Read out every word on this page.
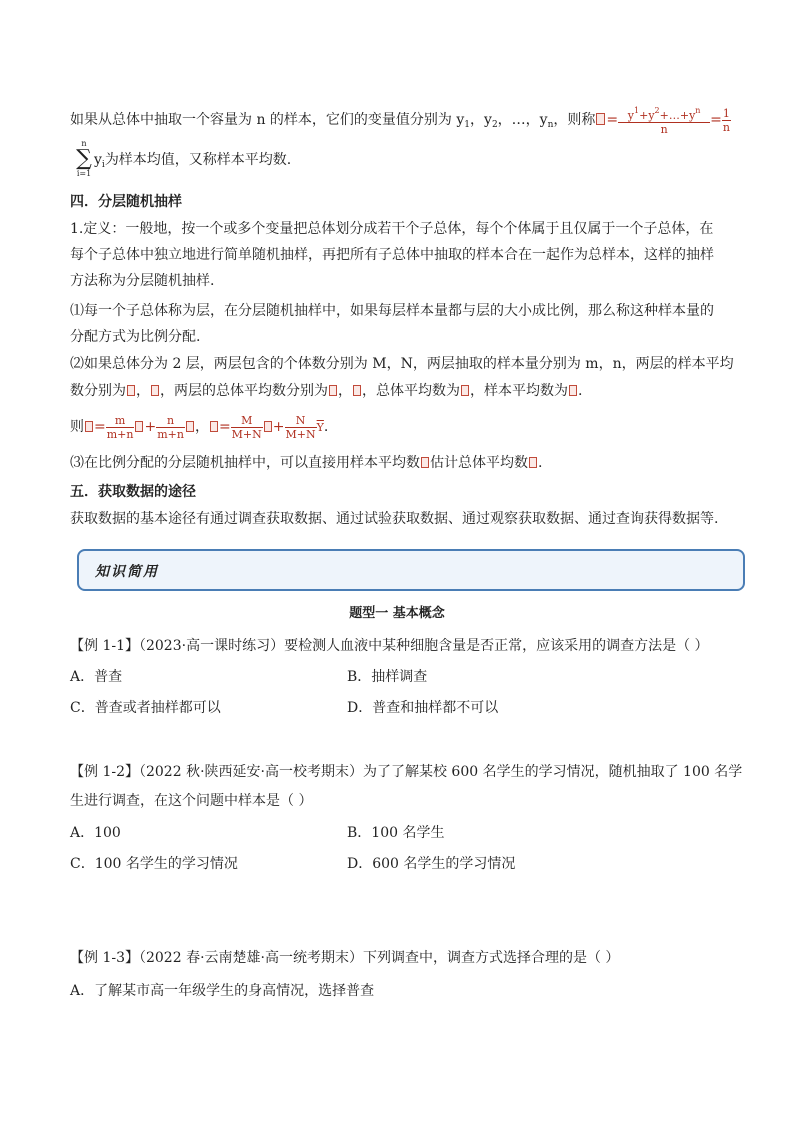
如果从总体中抽取一个容量为 n 的样本，它们的变量值分别为 $y_1$，$y_2$，…，$y_n$，则称 = $\frac{y^1+y^2+\dots+y^n}{n} = \frac{1}{n}$
n
∑
i=1
$y_i$为样本均值，又称样本平均数.
四．分层随机抽样
1.定义：一般地，按一个或多个变量把总体划分成若干个子总体，每个个体属于且仅属于一个子总体，在
每个子总体中独立地进行简单随机抽样，再把所有子总体中抽取的样本合在一起作为总样本，这样的抽样
方法称为分层随机抽样.
⑴每一个子总体称为层，在分层随机抽样中，如果每层样本量都与层的大小成比例，那么称这种样本量的
分配方式为比例分配.
⑵如果总体分为 2 层，两层包含的个体数分别为 M，N，两层抽取的样本量分别为 m，n，两层的样本平均
数分别为 ， ，两层的总体平均数分别为 ， ，总体平均数为 ，样本平均数为 .
则 = $\frac{m}{m+n} + \frac{n}{m+n}$ ， = $\frac{M}{M+N} + \frac{N}{M+N} \overline{Y}$.
⑶在比例分配的分层随机抽样中，可以直接用样本平均数 估计总体平均数 .
五．获取数据的途径
获取数据的基本途径有通过调查获取数据、通过试验获取数据、通过观察获取数据、通过查询获得数据等.
知识简用
题型一 基本概念
【例 1-1】（2023·高一课时练习）要检测人血液中某种细胞含量是否正常，应该采用的调查方法是（ ）
A．普查	B．抽样调查
C．普查或者抽样都可以	D．普查和抽样都不可以
【例 1-2】（2022 秋·陕西延安·高一校考期末）为了了解某校 600 名学生的学习情况，随机抽取了 100 名学
生进行调查，在这个问题中样本是（ ）
A．100	B．100 名学生
C．100 名学生的学习情况	D．600 名学生的学习情况
【例 1-3】（2022 春·云南楚雄·高一统考期末）下列调查中，调查方式选择合理的是（ ）
A．了解某市高一年级学生的身高情况，选择普查
